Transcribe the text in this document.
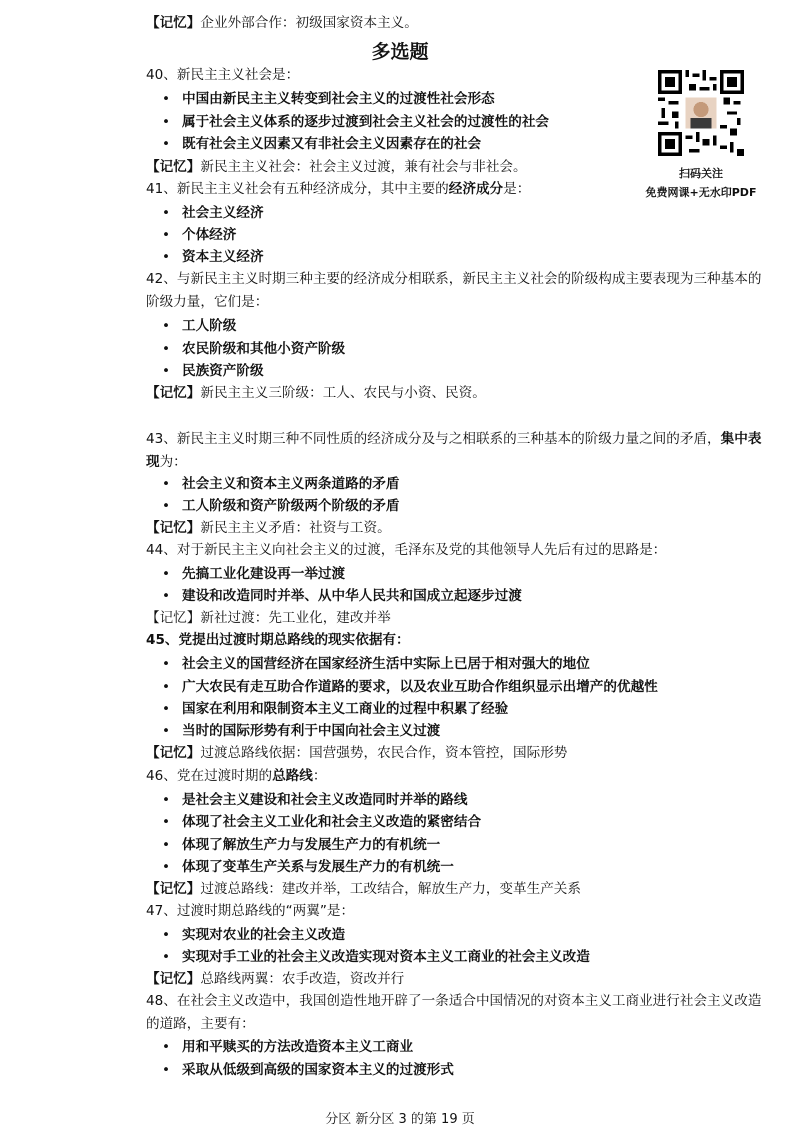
【记忆】企业外部合作：初级国家资本主义。
多选题
扫码关注
免费网课+无水印PDF
40、新民主主义社会是：
• 中国由新民主主义转变到社会主义的过渡性社会形态
• 属于社会主义体系的逐步过渡到社会主义社会的过渡性的社会
• 既有社会主义因素又有非社会主义因素存在的社会
【记忆】新民主主义社会：社会主义过渡，兼有社会与非社会。
41、新民主主义社会有五种经济成分，其中主要的经济成分是：
• 社会主义经济
• 个体经济
• 资本主义经济
42、与新民主主义时期三种主要的经济成分相联系，新民主主义社会的阶级构成主要表现为三种基本的阶级力量，它们是：
• 工人阶级
• 农民阶级和其他小资产阶级
• 民族资产阶级
【记忆】新民主主义三阶级：工人、农民与小资、民资。
43、新民主主义时期三种不同性质的经济成分及与之相联系的三种基本的阶级力量之间的矛盾，集中表现为：
• 社会主义和资本主义两条道路的矛盾
• 工人阶级和资产阶级两个阶级的矛盾
【记忆】新民主主义矛盾：社资与工资。
44、对于新民主主义向社会主义的过渡，毛泽东及党的其他领导人先后有过的思路是：
• 先搞工业化建设再一举过渡
• 建设和改造同时并举、从中华人民共和国成立起逐步过渡
【记忆】新社过渡：先工业化，建改并举
45、党提出过渡时期总路线的现实依据有：
• 社会主义的国营经济在国家经济生活中实际上已居于相对强大的地位
• 广大农民有走互助合作道路的要求，以及农业互助合作组织显示出增产的优越性
• 国家在利用和限制资本主义工商业的过程中积累了经验
• 当时的国际形势有利于中国向社会主义过渡
【记忆】过渡总路线依据：国营强势，农民合作，资本管控，国际形势
46、党在过渡时期的总路线：
• 是社会主义建设和社会主义改造同时并举的路线
• 体现了社会主义工业化和社会主义改造的紧密结合
• 体现了解放生产力与发展生产力的有机统一
• 体现了变革生产关系与发展生产力的有机统一
【记忆】过渡总路线：建改并举，工改结合，解放生产力，变革生产关系
47、过渡时期总路线的“两翼”是：
• 实现对农业的社会主义改造
• 实现对手工业的社会主义改造实现对资本主义工商业的社会主义改造
【记忆】总路线两翼：农手改造，资改并行
48、在社会主义改造中，我国创造性地开辟了一条适合中国情况的对资本主义工商业进行社会主义改造的道路，主要有：
• 用和平赎买的方法改造资本主义工商业
• 采取从低级到高级的国家资本主义的过渡形式
分区 新分区 3 的第 19 页
